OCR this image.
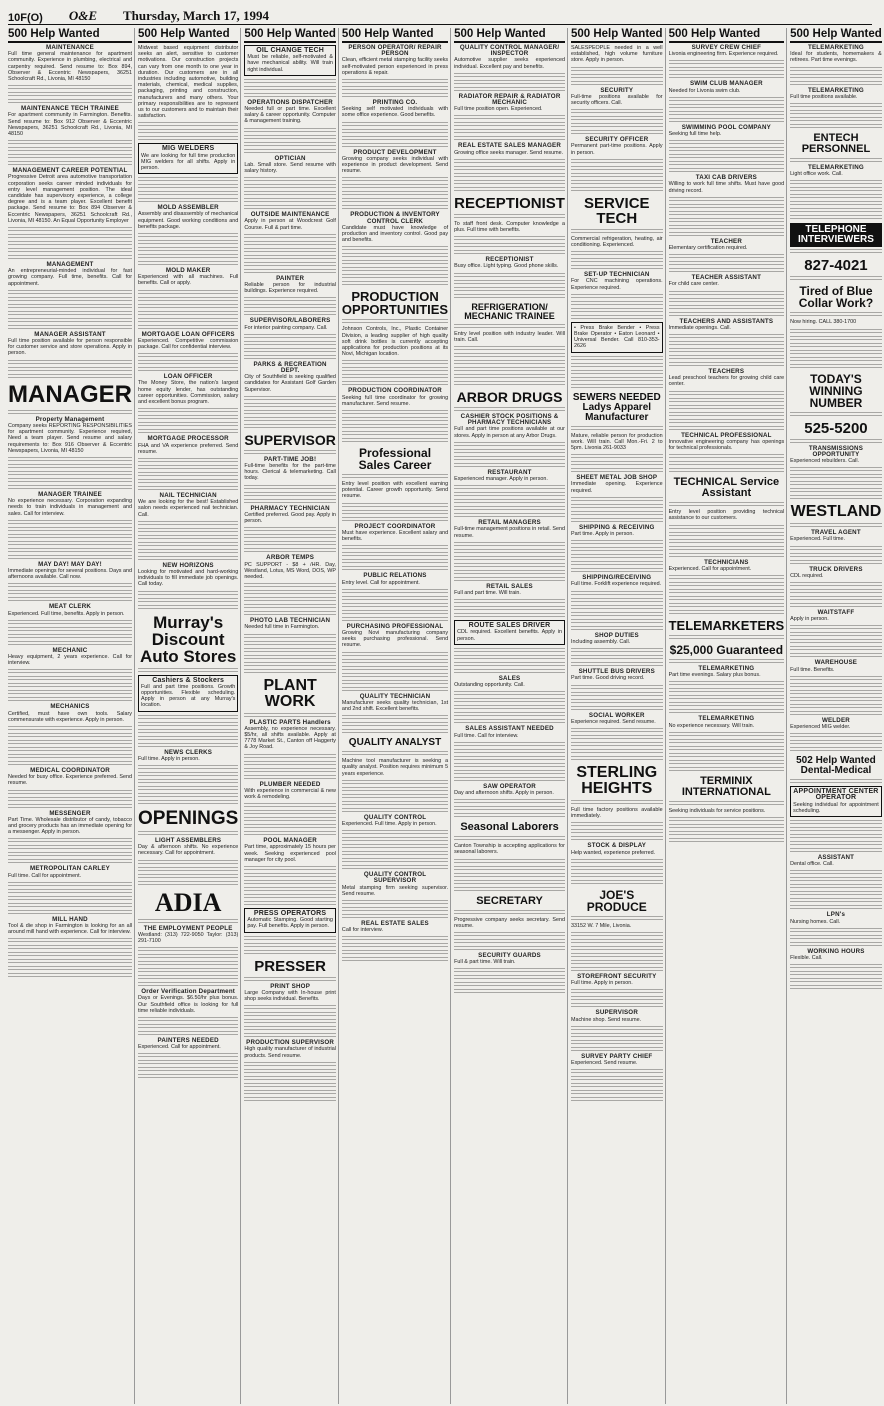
10F(O) O&E Thursday, March 17, 1994
500 Help Wanted
MAINTENANCE
Full time general maintenance for apartment community. Experience in plumbing, electrical and carpentry required. Send resume to: Box 894, Observer & Eccentric Newspapers, 36251 Schoolcraft Rd., Livonia, MI 48150
MAINTENANCE TECH TRAINEE
For apartment community in Farmington. Benefits. Send resume to: Box 912 Observer & Eccentric Newspapers, 36251 Schoolcraft Rd., Livonia, MI 48150
MANAGEMENT CAREER POTENTIAL
Progressive Detroit area automotive transportation corporation seeks career minded individuals for entry level management position. The ideal candidate has supervisory experience, a college degree and is a team player. Excellent benefit package. Send resume to: Box 894 Observer & Eccentric Newspapers, 36251 Schoolcraft Rd., Livonia, MI 48150. An Equal Opportunity Employer
MANAGEMENT
An entrepreneurial-minded individual for fast growing company. Full time, benefits. Call for appointment.
MANAGER ASSISTANT
Full time position available for person responsible for customer service and store operations. Apply in person.
MANAGER
Property Management
Company seeks REPORTING RESPONSIBILITIES for apartment community. Experience required, Need a team player. Send resume and salary requirements to: Box 916 Observer & Eccentric Newspapers, Livonia, MI 48150
MANAGER TRAINEE
No experience necessary. Corporation expanding needs to train individuals in management and sales. Call for interview.
MAY DAY! MAY DAY!
Immediate openings for several positions. Days and afternoons available. Call now.
MEAT CLERK
Experienced. Full time, benefits. Apply in person.
MECHANIC
Heavy equipment, 2 years experience. Call for interview.
MECHANICS
Certified, must have own tools. Salary commensurate with experience. Apply in person.
MEDICAL COORDINATOR
Needed for busy office. Experience preferred. Send resume.
MESSENGER
Part Time. Wholesale distributor of candy, tobacco and grocery products has an immediate opening for a messenger. Apply in person.
METROPOLITAN CARLEY
Full time. Call for appointment.
MILL HAND
Tool & die shop in Farmington is looking for an all around mill hand with experience. Call for interview.
500 Help Wanted
Midwest based equipment distributor seeks an alert, sensitive to customer motivations. Our construction projects can vary from one month to one year in duration. Our customers are in all industries including automotive, building materials, chemical, medical supplies, packaging, printing and construction, manufacturers and many others. Your primary responsibilities are to represent us to our customers and to maintain their satisfaction.
MIG WELDERS
We are looking for full time production MIG welders for all shifts. Apply in person.
MOLD ASSEMBLER
Assembly and disassembly of mechanical equipment. Good working conditions and benefits package.
MOLD MAKER
Experienced with all machines. Full benefits. Call or apply.
MORTGAGE LOAN OFFICERS
Experienced. Competitive commission package. Call for confidential interview.
LOAN OFFICER
The Money Store, the nation's largest home equity lender, has outstanding career opportunities. Commission, salary and excellent bonus program.
MORTGAGE PROCESSOR
FHA and VA experience preferred. Send resume.
NAIL TECHNICIAN
We are looking for the best! Established salon needs experienced nail technician. Call.
NEW HORIZONS
Looking for motivated and hard-working individuals to fill immediate job openings. Call today.
Murray's Discount Auto Stores
Cashiers & Stockers
Full and part time positions. Growth opportunities. Flexible scheduling. Apply in person at any Murray's location.
NEWS CLERKS
Full time. Apply in person.
OPENINGS
LIGHT ASSEMBLERS
Day & afternoon shifts. No experience necessary. Call for appointment.
ADIA
THE EMPLOYMENT PEOPLE
Westland: (313) 722-9050 Taylor: (313) 291-7100
Order Verification Department
Days or Evenings. $6.50/hr plus bonus. Our Southfield office is looking for full time reliable individuals.
PAINTERS NEEDED
Experienced. Call for appointment.
500 Help Wanted
OIL CHANGE TECH
Must be reliable, self-motivated & have mechanical ability. Will train right individual.
OPERATIONS DISPATCHER
Needed full or part time. Excellent salary & career opportunity. Computer & management training.
OPTICIAN
Lab. Small store. Send resume with salary history.
OUTSIDE MAINTENANCE
Apply in person at Woodcrest Golf Course. Full & part time.
PAINTER
Reliable person for industrial buildings. Experience required.
SUPERVISOR/LABORERS
For interior painting company. Call.
PARKS & RECREATION DEPT.
City of Southfield is seeking qualified candidates for Assistant Golf Garden Supervisor.
SUPERVISOR
PART-TIME JOB!
Full-time benefits for the part-time hours. Clerical & telemarketing. Call today.
PHARMACY TECHNICIAN
Certified preferred. Good pay. Apply in person.
ARBOR TEMPS
PC SUPPORT - $8 + /HR. Day, Westland, Lotus, MS Word, DOS, WP needed.
PHOTO LAB TECHNICIAN
Needed full time in Farmington.
PLANT WORK
PLASTIC PARTS Handlers
Assembly, no experience necessary. $5/hr, all shifts available. Apply at 7778 Market St., Canton off Haggerty & Joy Road.
PLUMBER NEEDED
With experience in commercial & new work & remodeling.
POOL MANAGER
Part time, approximately 15 hours per week. Seeking experienced pool manager for city pool.
PRESS OPERATORS
Automatic Stamping. Good starting pay. Full benefits. Apply in person.
PRESSER
PRINT SHOP
Large Company with In-house print shop seeks individual. Benefits.
PRODUCTION SUPERVISOR
High quality manufacturer of industrial products. Send resume.
500 Help Wanted
PERSON OPERATOR/ REPAIR PERSON
Clean, efficient metal stamping facility seeks self-motivated person experienced in press operations & repair.
PRINTING CO.
Seeking self motivated individuals with some office experience. Good benefits.
PRODUCT DEVELOPMENT
Growing company seeks individual with experience in product development. Send resume.
PRODUCTION & INVENTORY CONTROL CLERK
Candidate must have knowledge of production and inventory control. Good pay and benefits.
PRODUCTION OPPORTUNITIES
Johnson Controls, Inc., Plastic Container Division, a leading supplier of high quality soft drink bottles is currently accepting applications for production positions at its Novi, Michigan location.
PRODUCTION COORDINATOR
Seeking full time coordinator for growing manufacturer. Send resume.
Professional Sales Career
Entry level position with excellent earning potential. Career growth opportunity. Send resume.
PROJECT COORDINATOR
Must have experience. Excellent salary and benefits.
PUBLIC RELATIONS
Entry level. Call for appointment.
PURCHASING PROFESSIONAL
Growing Novi manufacturing company seeks purchasing professional. Send resume.
QUALITY TECHNICIAN
Manufacturer seeks quality technician, 1st and 2nd shift. Excellent benefits.
QUALITY ANALYST
Machine tool manufacturer is seeking a quality analyst. Position requires minimum 5 years experience.
QUALITY CONTROL
Experienced. Full time. Apply in person.
QUALITY CONTROL SUPERVISOR
Metal stamping firm seeking supervisor. Send resume.
REAL ESTATE SALES
Call for interview.
500 Help Wanted
QUALITY CONTROL MANAGER/ INSPECTOR
Automotive supplier seeks experienced individual. Excellent pay and benefits.
RADIATOR REPAIR & RADIATOR MECHANIC
Full time position open. Experienced.
REAL ESTATE SALES MANAGER
Growing office seeks manager. Send resume.
RECEPTIONIST
To staff front desk. Computer knowledge a plus. Full time with benefits.
RECEPTIONIST
Busy office. Light typing. Good phone skills.
REFRIGERATION/ MECHANIC TRAINEE
Entry level position with industry leader. Will train. Call.
ARBOR DRUGS
CASHIER STOCK POSITIONS & PHARMACY TECHNICIANS
Full and part time positions available at our stores. Apply in person at any Arbor Drugs.
RESTAURANT
Experienced manager. Apply in person.
RETAIL MANAGERS
Full-time management positions in retail. Send resume.
RETAIL SALES
Full and part time. Will train.
ROUTE SALES DRIVER
CDL required. Excellent benefits. Apply in person.
SALES
Outstanding opportunity. Call.
SALES ASSISTANT NEEDED
Full time. Call for interview.
SAW OPERATOR
Day and afternoon shifts. Apply in person.
Seasonal Laborers
Canton Township is accepting applications for seasonal laborers.
SECRETARY
Progressive company seeks secretary. Send resume.
SECURITY GUARDS
Full & part time. Will train.
500 Help Wanted
SALESPEOPLE needed in a well established, high volume furniture store. Apply in person.
SECURITY
Full-time positions available for security officers. Call.
SECURITY OFFICER
Permanent part-time positions. Apply in person.
SERVICE TECH
Commercial refrigeration, heating, air conditioning. Experienced.
SET-UP TECHNICIAN
For CNC machining operations. Experience required.
• Press Brake Bender • Press Brake Operator • Eaton Leonard • Universal Bender. Call 810-353-2626
SEWERS NEEDED Ladys Apparel Manufacturer
Mature, reliable person for production work. Will train. Call Mon.-Fri. 2 to 5pm. Livonia 261-9033
SHEET METAL JOB SHOP
Immediate opening. Experience required.
SHIPPING & RECEIVING
Part time. Apply in person.
SHIPPING/RECEIVING
Full time. Forklift experience required.
SHOP DUTIES
Including assembly. Call.
SHUTTLE BUS DRIVERS
Part time. Good driving record.
SOCIAL WORKER
Experience required. Send resume.
STERLING HEIGHTS
Full time factory positions available immediately.
STOCK & DISPLAY
Help wanted, experience preferred.
JOE'S PRODUCE
33152 W. 7 Mile, Livonia.
STOREFRONT SECURITY
Full time. Apply in person.
SUPERVISOR
Machine shop. Send resume.
SURVEY PARTY CHIEF
Experienced. Send resume.
500 Help Wanted
SURVEY CREW CHIEF
Livonia engineering firm. Experience required.
SWIM CLUB MANAGER
Needed for Livonia swim club.
SWIMMING POOL COMPANY
Seeking full time help.
TAXI CAB DRIVERS
Willing to work full time shifts. Must have good driving record.
TEACHER
Elementary certification required.
TEACHER ASSISTANT
For child care center.
TEACHERS AND ASSISTANTS
Immediate openings. Call.
TEACHERS
Lead preschool teachers for growing child care center.
TECHNICAL PROFESSIONAL
Innovative engineering company has openings for technical professionals.
TECHNICAL Service Assistant
Entry level position providing technical assistance to our customers.
TECHNICIANS
Experienced. Call for appointment.
TELEMARKETERS
$25,000 Guaranteed
TELEMARKETING
Part time evenings. Salary plus bonus.
TELEMARKETING
No experience necessary. Will train.
TERMINIX INTERNATIONAL
Seeking individuals for service positions.
500 Help Wanted
TELEMARKETING
Ideal for students, homemakers & retirees. Part time evenings.
TELEMARKETING
Full time positions available.
ENTECH PERSONNEL
TELEMARKETING
Light office work. Call.
TELEPHONE INTERVIEWERS
827-4021
Tired of Blue Collar Work?
Now hiring. CALL 380-1700
TODAY'S WINNING NUMBER
525-5200
TRANSMISSIONS OPPORTUNITY
Experienced rebuilders. Call.
WESTLAND
TRAVEL AGENT
Experienced. Full time.
TRUCK DRIVERS
CDL required.
WAITSTAFF
Apply in person.
WAREHOUSE
Full time. Benefits.
WELDER
Experienced MIG welder.
502 Help Wanted Dental-Medical
APPOINTMENT CENTER OPERATOR
Seeking individual for appointment scheduling.
ASSISTANT
Dental office. Call.
LPN's
Nursing homes. Call.
WORKING HOURS
Flexible. Call.
